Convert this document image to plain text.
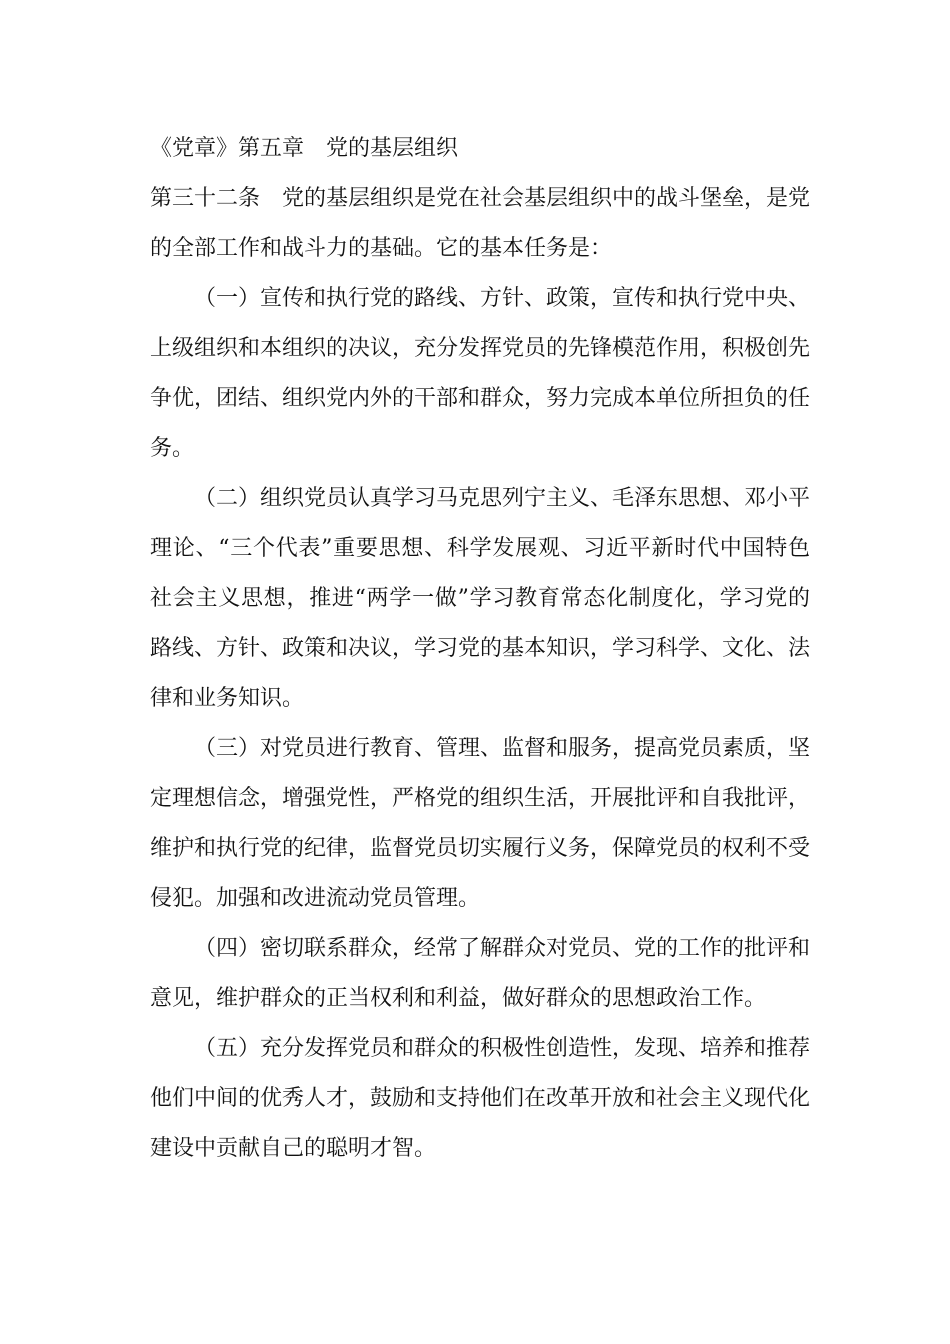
《党章》第五章　党的基层组织

第三十二条　党的基层组织是党在社会基层组织中的战斗堡垒，是党的全部工作和战斗力的基础。它的基本任务是：

（一）宣传和执行党的路线、方针、政策，宣传和执行党中央、上级组织和本组织的决议，充分发挥党员的先锋模范作用，积极创先争优，团结、组织党内外的干部和群众，努力完成本单位所担负的任务。

（二）组织党员认真学习马克思列宁主义、毛泽东思想、邓小平理论、“三个代表”重要思想、科学发展观、习近平新时代中国特色社会主义思想，推进“两学一做”学习教育常态化制度化，学习党的路线、方针、政策和决议，学习党的基本知识，学习科学、文化、法律和业务知识。

（三）对党员进行教育、管理、监督和服务，提高党员素质，坚定理想信念，增强党性，严格党的组织生活，开展批评和自我批评，维护和执行党的纪律，监督党员切实履行义务，保障党员的权利不受侵犯。加强和改进流动党员管理。

（四）密切联系群众，经常了解群众对党员、党的工作的批评和意见，维护群众的正当权利和利益，做好群众的思想政治工作。

（五）充分发挥党员和群众的积极性创造性，发现、培养和推荐他们中间的优秀人才，鼓励和支持他们在改革开放和社会主义现代化建设中贡献自己的聪明才智。
